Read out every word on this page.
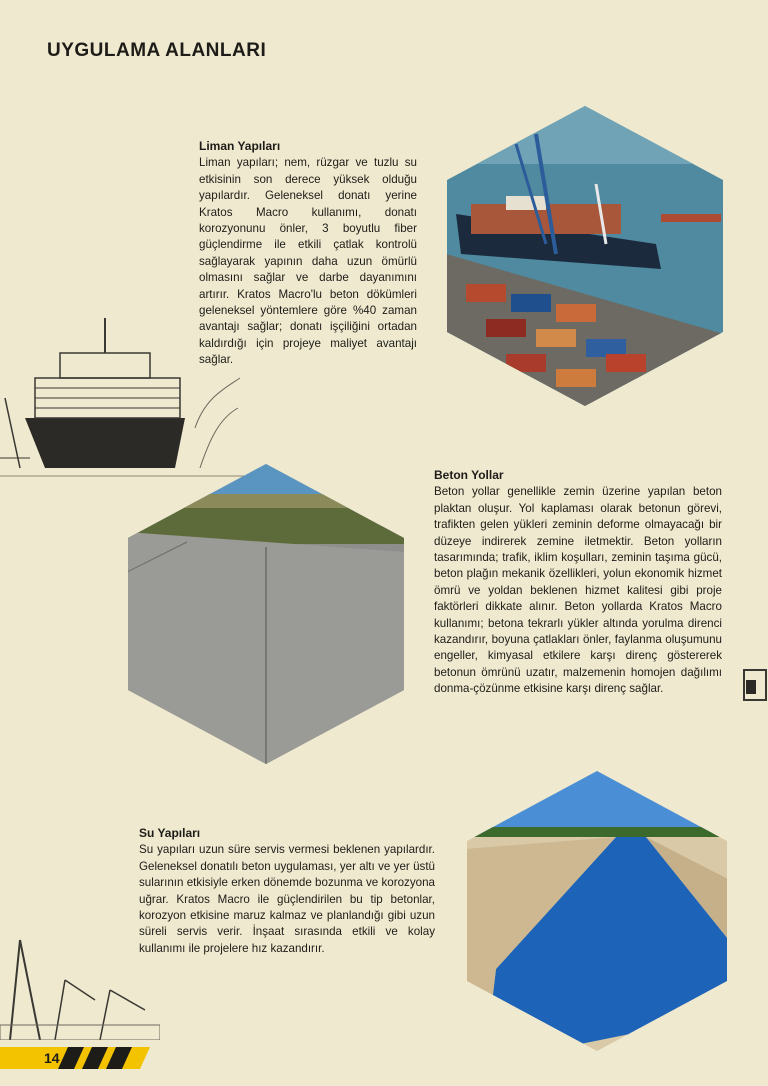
UYGULAMA ALANLARI
Liman Yapıları

Liman yapıları; nem, rüzgar ve tuzlu su etkisinin son derece yüksek olduğu yapılardır. Geleneksel donatı yerine Kratos Macro kullanımı, donatı korozyonunu önler, 3 boyutlu fiber güçlendirme ile etkili çatlak kontrolü sağlayarak yapının daha uzun ömürlü olmasını sağlar ve darbe dayanımını artırır. Kratos Macro'lu beton dökümleri geleneksel yöntemlere göre %40 zaman avantajı sağlar; donatı işçiliğini ortadan kaldırdığı için projeye maliyet avantajı sağlar.

Beton Yollar

Beton yollar genellikle zemin üzerine yapılan beton plaktan oluşur. Yol kaplaması olarak betonun görevi, trafikten gelen yükleri zeminin deforme olmayacağı bir düzeye indirerek zemine iletmektir. Beton yolların tasarımında; trafik, iklim koşulları, zeminin taşıma gücü, beton plağın mekanik özellikleri, yolun ekonomik hizmet ömrü ve yoldan beklenen hizmet kalitesi gibi proje faktörleri dikkate alınır. Beton yollarda Kratos Macro kullanımı; betona tekrarlı yükler altında yorulma direnci kazandırır, boyuna çatlakları önler, faylanma oluşumunu engeller, kimyasal etkilere karşı direnç göstererek betonun ömrünü uzatır, malzemenin homojen dağılımı donma-çözünme etkisine karşı direnç sağlar.

Su Yapıları

Su yapıları uzun süre servis vermesi beklenen yapılardır. Geleneksel donatılı beton uygulaması, yer altı ve yer üstü sularının etkisiyle erken dönemde bozunma ve korozyona uğrar. Kratos Macro ile güçlendirilen bu tip betonlar, korozyon etkisine maruz kalmaz ve planlandığı gibi uzun süreli servis verir. İnşaat sırasında etkili ve kolay kullanımı ile projelere hız kazandırır.

14
